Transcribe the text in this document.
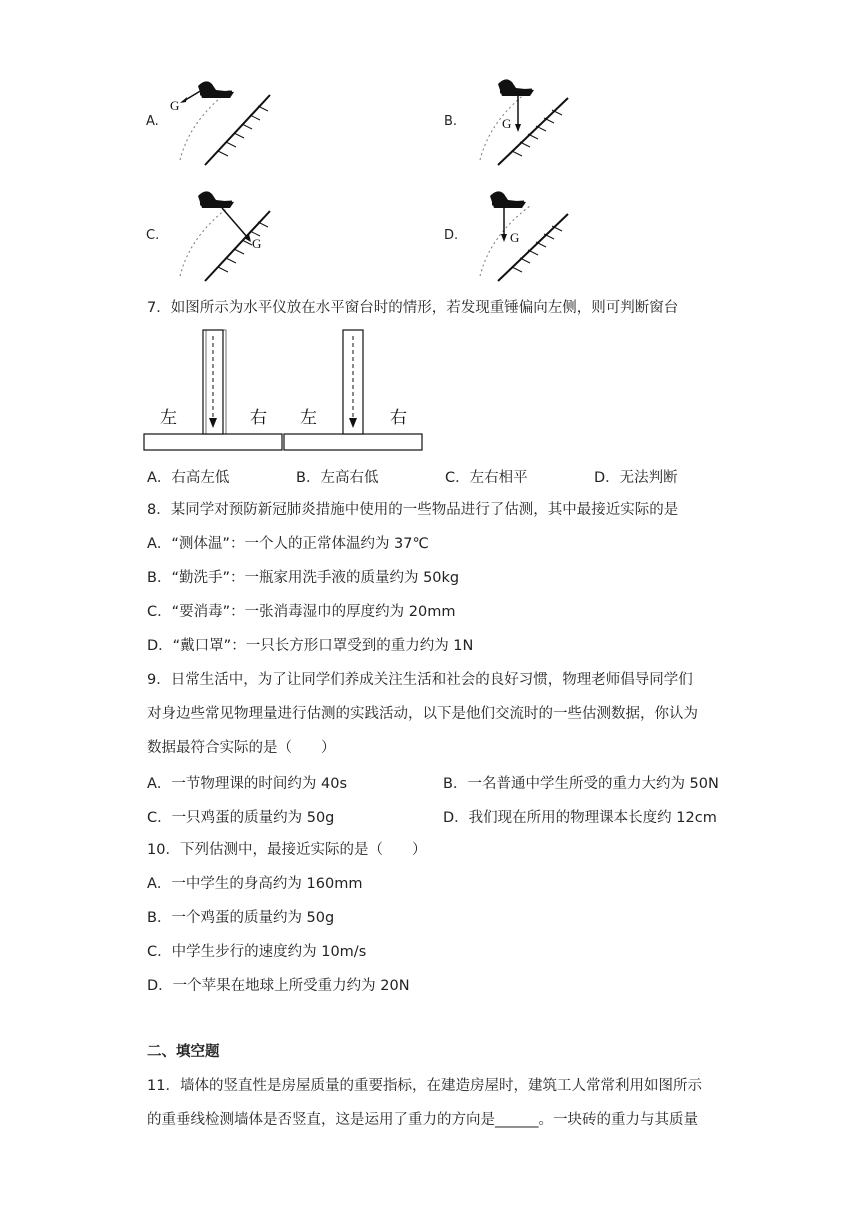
A.
G
B.	G
C.
G
D.	G
7．如图所示为水平仪放在水平窗台时的情形，若发现重锤偏向左侧，则可判断窗台
左	右 左	右
A．右高左低	B．左高右低	C．左右相平	D．无法判断
8．某同学对预防新冠肺炎措施中使用的一些物品进行了估测，其中最接近实际的是
A．“测体温”：一个人的正常体温约为 37℃
B．“勤洗手”：一瓶家用洗手液的质量约为 50kg
C．“要消毒”：一张消毒湿巾的厚度约为 20mm
D．“戴口罩”：一只长方形口罩受到的重力约为 1N
9．日常生活中，为了让同学们养成关注生活和社会的良好习惯，物理老师倡导同学们
对身边些常见物理量进行估测的实践活动，以下是他们交流时的一些估测数据，你认为
数据最符合实际的是（　　）
A．一节物理课的时间约为 40s	B．一名普通中学生所受的重力大约为 50N
C．一只鸡蛋的质量约为 50g	D．我们现在所用的物理课本长度约 12cm
10．下列估测中，最接近实际的是（　　）
A．一中学生的身高约为 160mm
B．一个鸡蛋的质量约为 50g
C．中学生步行的速度约为 10m/s
D．一个苹果在地球上所受重力约为 20N
二、填空题
11．墙体的竖直性是房屋质量的重要指标，在建造房屋时，建筑工人常常利用如图所示
的重垂线检测墙体是否竖直，这是运用了重力的方向是______。一块砖的重力与其质量
